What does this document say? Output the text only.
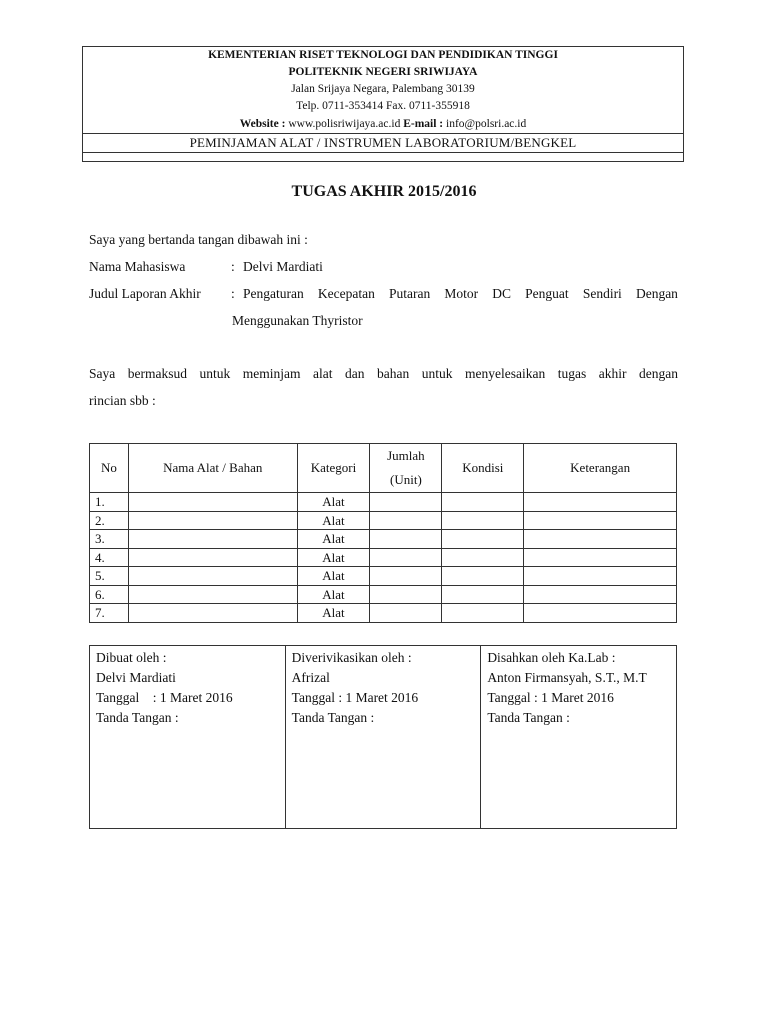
KEMENTERIAN RISET TEKNOLOGI DAN PENDIDIKAN TINGGI
POLITEKNIK NEGERI SRIWIJAYA
Jalan Srijaya Negara, Palembang 30139
Telp. 0711-353414 Fax. 0711-355918
Website : www.polisriwijaya.ac.id E-mail : info@polsri.ac.id
PEMINJAMAN ALAT / INSTRUMEN LABORATORIUM/BENGKEL
TUGAS AKHIR 2015/2016
Saya yang bertanda tangan dibawah ini :
Nama Mahasiswa	: Delvi Mardiati
Judul Laporan Akhir : Pengaturan Kecepatan Putaran Motor DC Penguat Sendiri Dengan
Menggunakan Thyristor
Saya bermaksud untuk meminjam alat dan bahan untuk menyelesaikan tugas akhir dengan
rincian sbb :
No	Nama Alat / Bahan	Kategori	Jumlah
(Unit)	Kondisi	Keterangan
1.		Alat			
2.		Alat			
3.		Alat			
4.		Alat			
5.		Alat			
6.		Alat			
7.		Alat			
Dibuat oleh :
Delvi Mardiati
Tanggal    : 1 Maret 2016
Tanda Tangan :

Diverivikasikan oleh :
Afrizal
Tanggal : 1 Maret 2016
Tanda Tangan :

Disahkan oleh Ka.Lab :
Anton Firmansyah, S.T., M.T
Tanggal : 1 Maret 2016
Tanda Tangan :
